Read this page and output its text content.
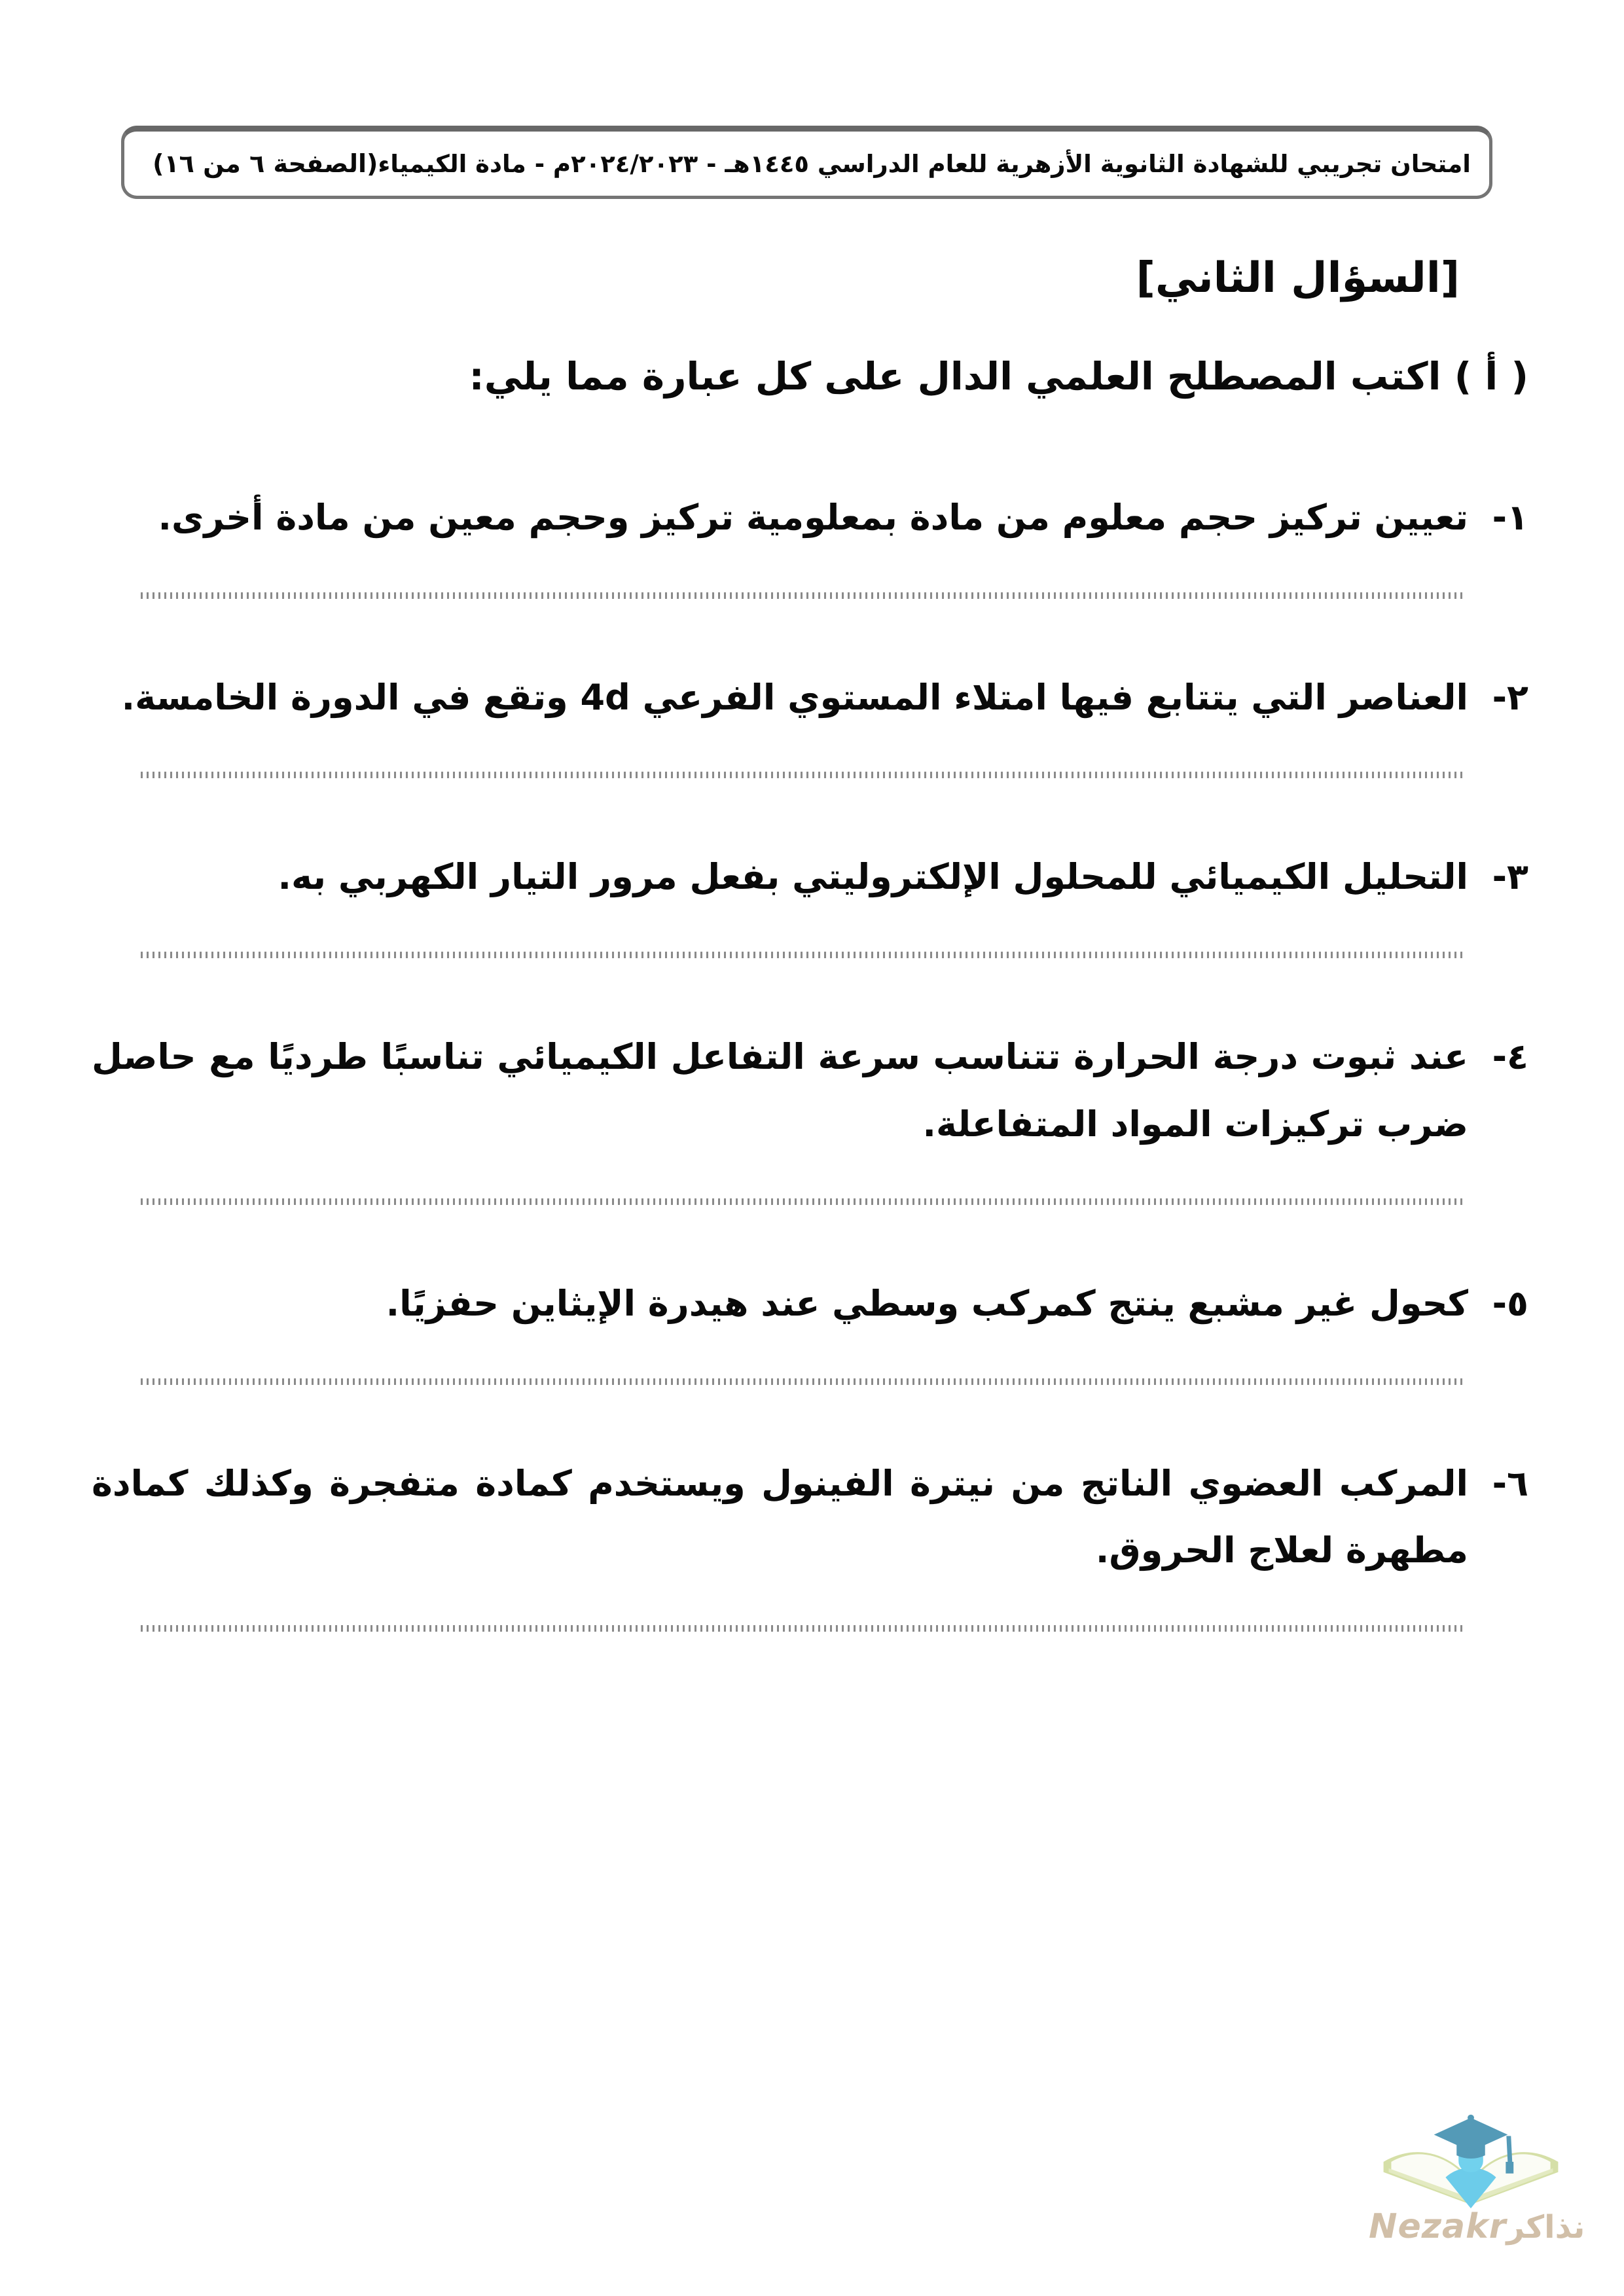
امتحان تجريبي للشهادة الثانوية الأزهرية للعام الدراسي ١٤٤٥هـ - ٢٠٢٤/٢٠٢٣م - مادة الكيمياء
(الصفحة ٦ من ١٦)
[السؤال الثاني]
( أ ) اكتب المصطلح العلمي الدال على كل عبارة مما يلي:
١-
تعيين تركيز حجم معلوم من مادة بمعلومية تركيز وحجم معين من مادة أخرى.
٢-
العناصر التي يتتابع فيها امتلاء المستوي الفرعي 4d وتقع في الدورة الخامسة.
٣-
التحليل الكيميائي للمحلول الإلكتروليتي بفعل مرور التيار الكهربي به.
٤-
عند ثبوت درجة الحرارة تتناسب سرعة التفاعل الكيميائي تناسبًا طرديًا مع حاصل ضرب تركيزات المواد المتفاعلة.
٥-
كحول غير مشبع ينتج كمركب وسطي عند هيدرة الإيثاين حفزيًا.
٦-
المركب العضوي الناتج من نيترة الفينول ويستخدم كمادة متفجرة وكذلك كمادة مطهرة لعلاج الحروق.
Nezakrنذاكر
